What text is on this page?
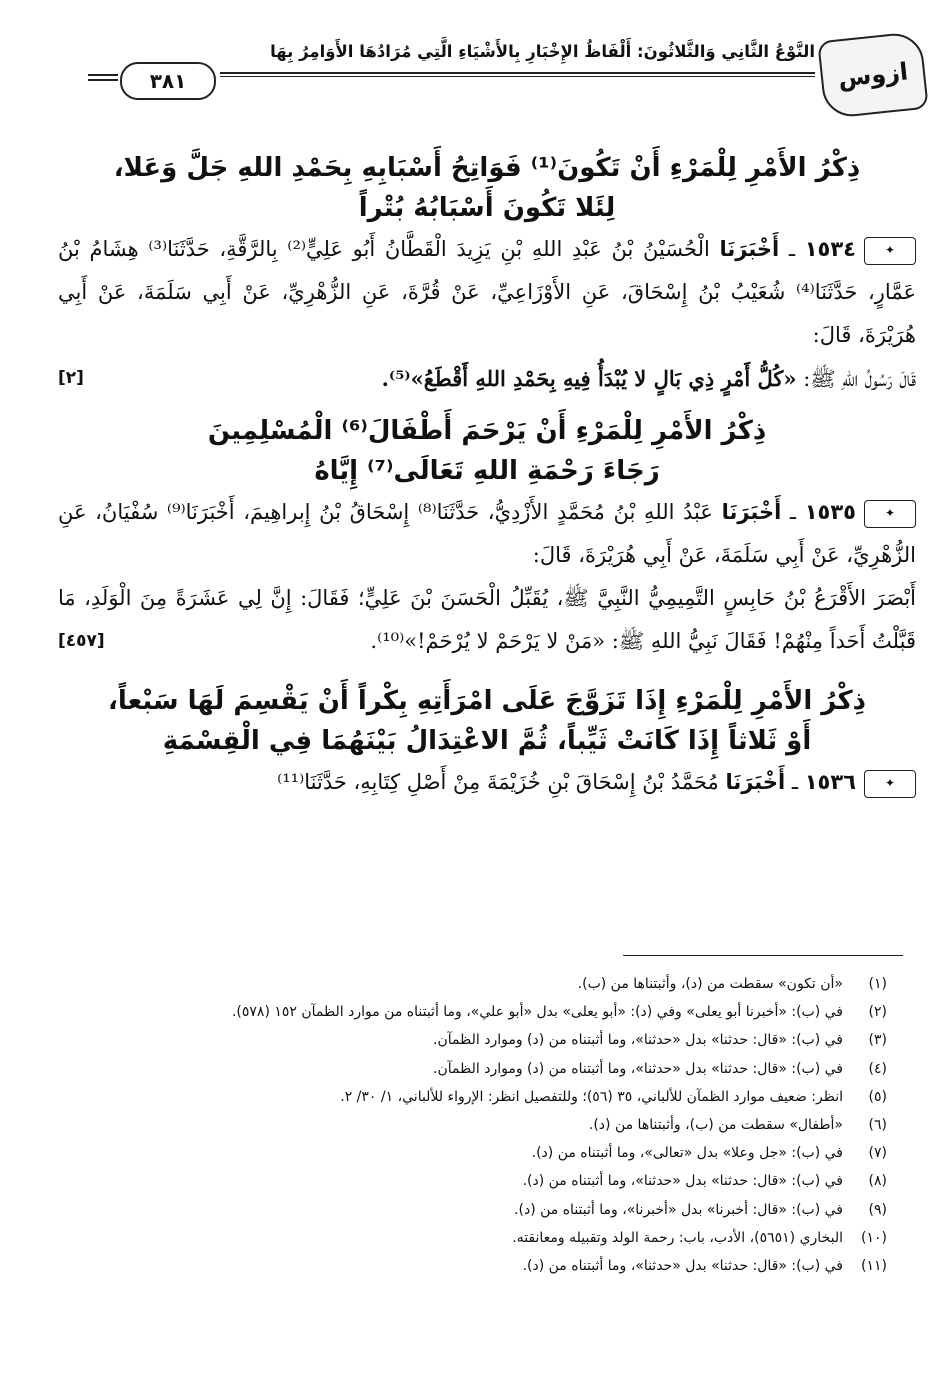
ازوس
النَّوْعُ الثَّانِي وَالثَّلاثُونَ: أَلْفَاظُ الإِخْبَارِ بِالأَشْيَاءِ الَّتِي مُرَادُهَا الأَوَامِرُ بِهَا
٣٨١

ذِكْرُ الأَمْرِ لِلْمَرْءِ أَنْ تَكُونَ⁽¹⁾ فَوَاتِحُ أَسْبَابِهِ بِحَمْدِ اللهِ جَلَّ وَعَلا،

لِئَلا تَكُونَ أَسْبَابُهُ بُتْراً

✦١٥٣٤ ـ أَخْبَرَنَا الْحُسَيْنُ بْنُ عَبْدِ اللهِ بْنِ يَزِيدَ الْقَطَّانُ أَبُو عَلِيٍّ⁽²⁾ بِالرَّقَّةِ، حَدَّثَنَا⁽³⁾ هِشَامُ بْنُ عَمَّارٍ، حَدَّثَنَا⁽⁴⁾ شُعَيْبُ بْنُ إِسْحَاقَ، عَنِ الأَوْزَاعِيِّ، عَنْ قُرَّةَ، عَنِ الزُّهْرِيِّ، عَنْ أَبِي سَلَمَةَ، عَنْ أَبِي هُرَيْرَةَ، قَالَ:

قَالَ رَسُولُ اللهِ ﷺ: «كُلُّ أَمْرٍ ذِي بَالٍ لا يُبْدَأُ فِيهِ بِحَمْدِ اللهِ أَقْطَعُ»⁽⁵⁾.
[٢]

ذِكْرُ الأَمْرِ لِلْمَرْءِ أَنْ يَرْحَمَ أَطْفَالَ⁽⁶⁾ الْمُسْلِمِينَ

رَجَاءَ رَحْمَةِ اللهِ تَعَالَى⁽⁷⁾ إِيَّاهُ

✦١٥٣٥ ـ أَخْبَرَنَا عَبْدُ اللهِ بْنُ مُحَمَّدٍ الأَزْدِيُّ، حَدَّثَنَا⁽⁸⁾ إِسْحَاقُ بْنُ إِبراهِيمَ، أَخْبَرَنَا⁽⁹⁾ سُفْيَانُ، عَنِ الزُّهْرِيِّ، عَنْ أَبِي سَلَمَةَ، عَنْ أَبِي هُرَيْرَةَ، قَالَ:

أَبْصَرَ الأَقْرَعُ بْنُ حَابِسٍ التَّمِيمِيُّ النَّبِيَّ ﷺ، يُقَبِّلُ الْحَسَنَ بْنَ عَلِيٍّ؛ فَقَالَ: إِنَّ لِي عَشَرَةً مِنَ الْوَلَدِ، مَا قَبَّلْتُ أَحَداً مِنْهُمْ! فَقَالَ نَبِيُّ اللهِ ﷺ: «مَنْ لا يَرْحَمْ لا يُرْحَمْ!»⁽¹⁰⁾.
[٤٥٧]

ذِكْرُ الأَمْرِ لِلْمَرْءِ إِذَا تَزَوَّجَ عَلَى امْرَأَتِهِ بِكْراً أَنْ يَقْسِمَ لَهَا سَبْعاً،

أَوْ ثَلاثاً إِذَا كَانَتْ ثَيِّباً، ثُمَّ الاعْتِدَالُ بَيْنَهُمَا فِي الْقِسْمَةِ

✦١٥٣٦ ـ أَخْبَرَنَا مُحَمَّدُ بْنُ إِسْحَاقَ بْنِ خُزَيْمَةَ مِنْ أَصْلِ كِتَابِهِ، حَدَّثَنَا⁽¹¹⁾

(١)«أن تكون» سقطت من (د)، وأثبتناها من (ب).

(٢)في (ب): «أخبرنا أبو يعلى» وفي (د): «أبو يعلى» بدل «أبو علي»، وما أثبتناه من موارد الظمآن ١٥٢ (٥٧٨).

(٣)في (ب): «قال: حدثنا» بدل «حدثنا»، وما أثبتناه من (د) وموارد الظمآن.

(٤)في (ب): «قال: حدثنا» بدل «حدثنا»، وما أثبتناه من (د) وموارد الظمآن.

(٥)انظر: ضعيف موارد الظمآن للألباني، ٣٥ (٥٦)؛ وللتفصيل انظر: الإرواء للألباني، ١/ ٣٠/ ٢.

(٦)«أطفال» سقطت من (ب)، وأثبتناها من (د).

(٧)في (ب): «جل وعلا» بدل «تعالى»، وما أثبتناه من (د).

(٨)في (ب): «قال: حدثنا» بدل «حدثنا»، وما أثبتناه من (د).

(٩)في (ب): «قال: أخبرنا» بدل «أخبرنا»، وما أثبتناه من (د).

(١٠)البخاري (٥٦٥١)، الأدب، باب: رحمة الولد وتقبيله ومعانقته.

(١١)في (ب): «قال: حدثنا» بدل «حدثنا»، وما أثبتناه من (د).
